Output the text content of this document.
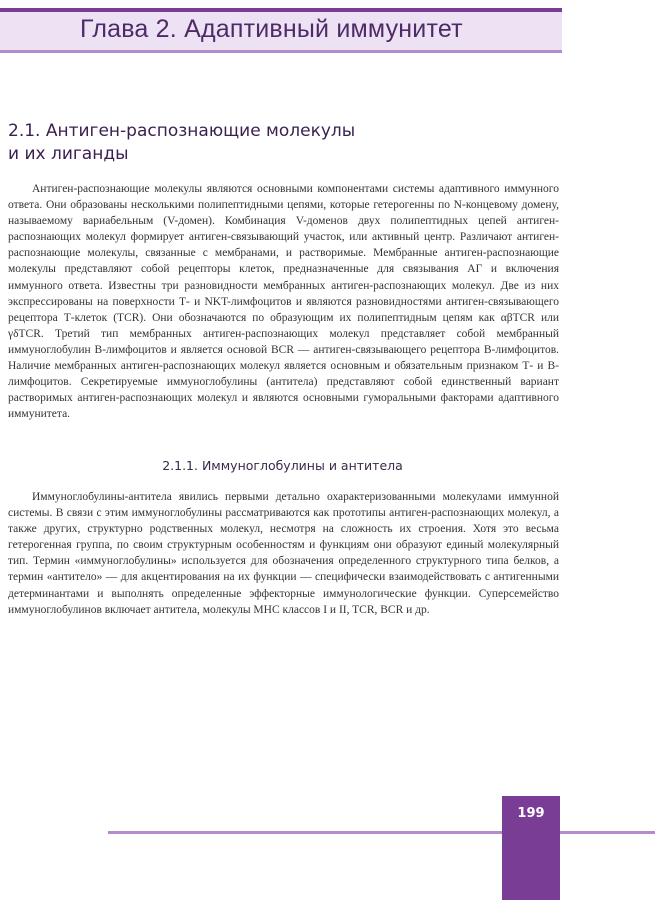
Глава 2. Адаптивный иммунитет
2.1. Антиген-распознающие молекулы
и их лиганды

Антиген-распознающие молекулы являются основными компонентами системы адаптивного иммунного ответа. Они образованы несколькими полипептидными цепями, которые гетерогенны по N-концевому домену, называемому вариабельным (V-домен). Комбинация V-доменов двух полипептидных цепей антиген-распознающих молекул формирует антиген-связывающий участок, или активный центр. Различают антиген-распознающие молекулы, связанные с мембранами, и растворимые. Мембранные антиген-распознающие молекулы представляют собой рецепторы клеток, предназначенные для связывания АГ и включения иммунного ответа. Известны три разновидности мембранных антиген-распознающих молекул. Две из них экспрессированы на поверхности Т- и NKT-лимфоцитов и являются разновидностями антиген-связывающего рецептора Т-клеток (TCR). Они обозначаются по образующим их полипептидным цепям как αβTCR или γδTCR. Третий тип мембранных антиген-распознающих молекул представляет собой мембранный иммуноглобулин В-лимфоцитов и является основой BCR — антиген-связывающего рецептора В-лимфоцитов. Наличие мембранных антиген-распознающих молекул является основным и обязательным признаком Т- и В-лимфоцитов. Секретируемые иммуноглобулины (антитела) представляют собой единственный вариант растворимых антиген-распознающих молекул и являются основными гуморальными факторами адаптивного иммунитета.

2.1.1. Иммуноглобулины и антитела

Иммуноглобулины-антитела явились первыми детально охарактеризованными молекулами иммунной системы. В связи с этим иммуноглобулины рассматриваются как прототипы антиген-распознающих молекул, а также других, структурно родственных молекул, несмотря на сложность их строения. Хотя это весьма гетерогенная группа, по своим структурным особенностям и функциям они образуют единый молекулярный тип. Термин «иммуноглобулины» используется для обозначения определенного структурного типа белков, а термин «антитело» — для акцентирования на их функции — специфически взаимодействовать с антигенными детерминантами и выполнять определенные эффекторные иммунологические функции. Суперсемейство иммуноглобулинов включает антитела, молекулы MHC классов I и II, TCR, BCR и др.

199
